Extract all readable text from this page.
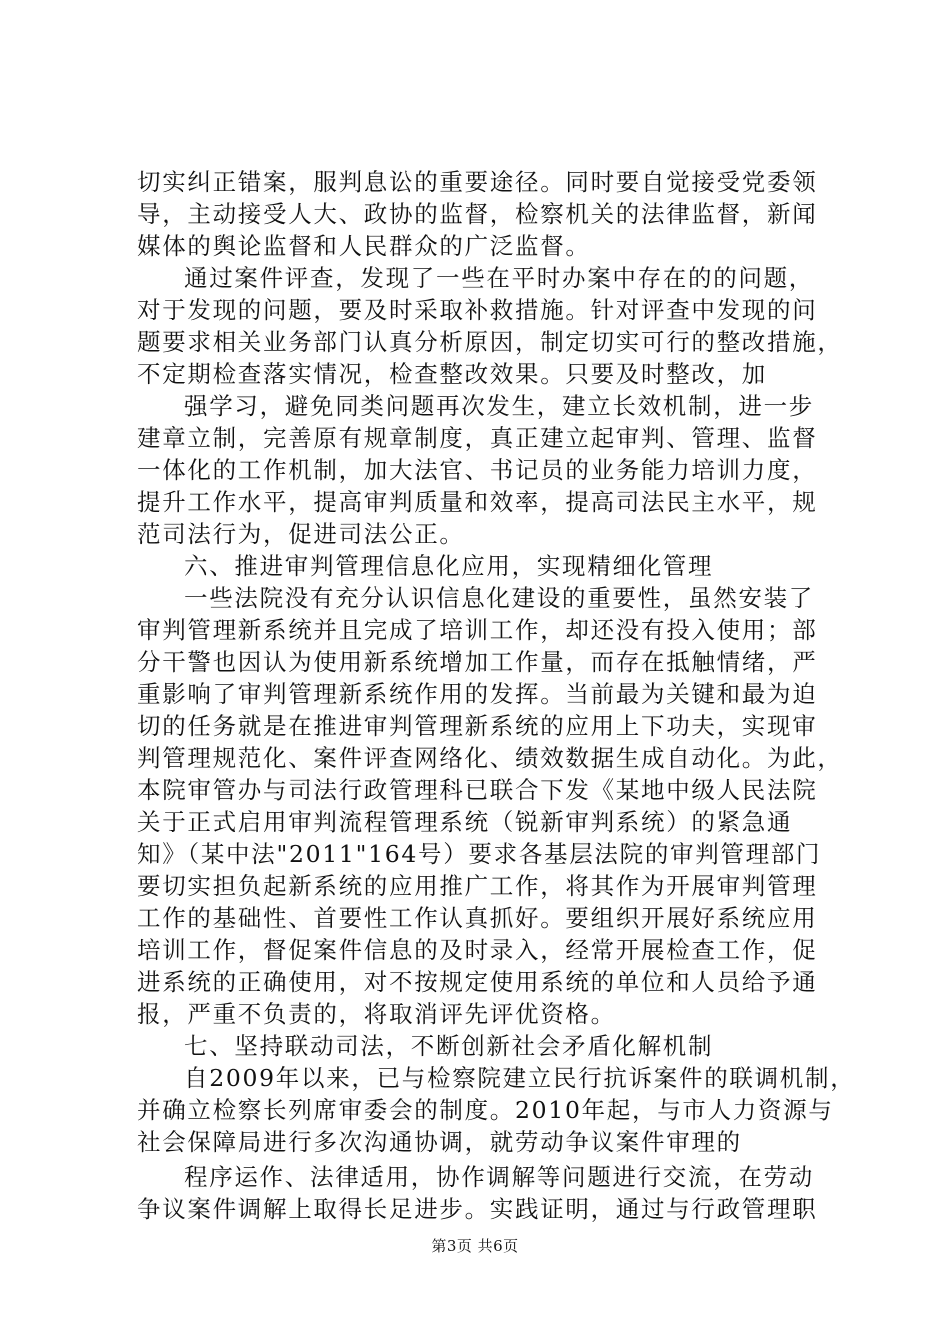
切实纠正错案，服判息讼的重要途径。同时要自觉接受党委领
导，主动接受人大、政协的监督，检察机关的法律监督，新闻
媒体的舆论监督和人民群众的广泛监督。
通过案件评查，发现了一些在平时办案中存在的的问题，
对于发现的问题，要及时采取补救措施。针对评查中发现的问
题要求相关业务部门认真分析原因，制定切实可行的整改措施，
不定期检查落实情况，检查整改效果。只要及时整改，加
强学习，避免同类问题再次发生，建立长效机制，进一步
建章立制，完善原有规章制度，真正建立起审判、管理、监督
一体化的工作机制，加大法官、书记员的业务能力培训力度，
提升工作水平，提高审判质量和效率，提高司法民主水平，规
范司法行为，促进司法公正。
六、推进审判管理信息化应用，实现精细化管理
一些法院没有充分认识信息化建设的重要性，虽然安装了
审判管理新系统并且完成了培训工作，却还没有投入使用；部
分干警也因认为使用新系统增加工作量，而存在抵触情绪，严
重影响了审判管理新系统作用的发挥。当前最为关键和最为迫
切的任务就是在推进审判管理新系统的应用上下功夫，实现审
判管理规范化、案件评查网络化、绩效数据生成自动化。为此，
本院审管办与司法行政管理科已联合下发《某地中级人民法院
关于正式启用审判流程管理系统（锐新审判系统）的紧急通
知》（某中法"2011"164号）要求各基层法院的审判管理部门
要切实担负起新系统的应用推广工作，将其作为开展审判管理
工作的基础性、首要性工作认真抓好。要组织开展好系统应用
培训工作，督促案件信息的及时录入，经常开展检查工作，促
进系统的正确使用，对不按规定使用系统的单位和人员给予通
报，严重不负责的，将取消评先评优资格。
七、坚持联动司法，不断创新社会矛盾化解机制
自2009年以来，已与检察院建立民行抗诉案件的联调机制，
并确立检察长列席审委会的制度。2010年起，与市人力资源与
社会保障局进行多次沟通协调，就劳动争议案件审理的
程序运作、法律适用，协作调解等问题进行交流，在劳动
争议案件调解上取得长足进步。实践证明，通过与行政管理职
第3页 共6页
